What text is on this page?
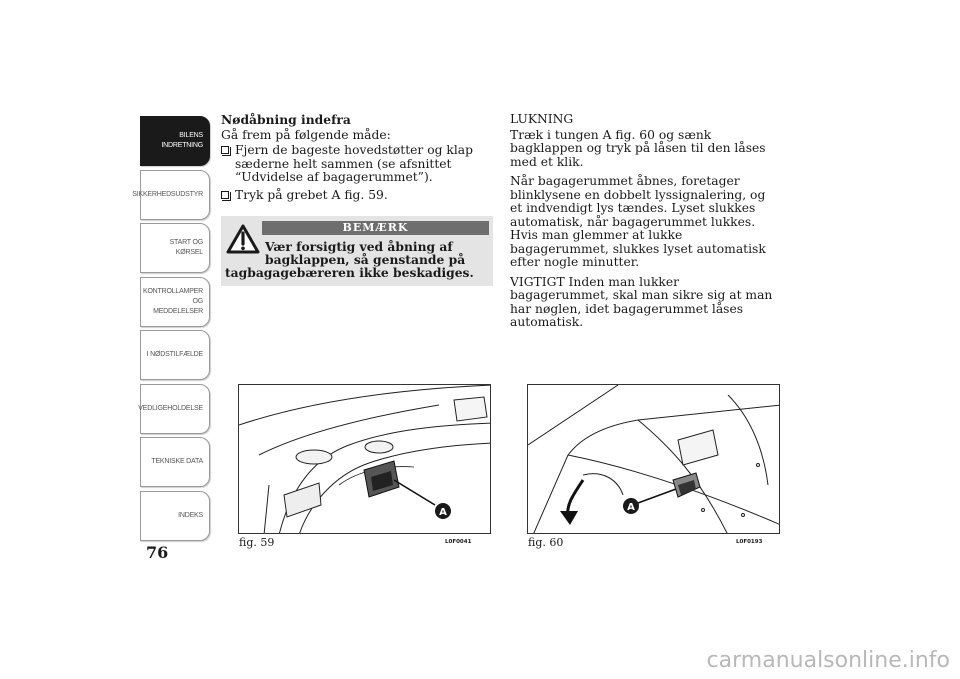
BILENS
INDRETNING
SIKKERHEDSUDSTYR
START OG KØRSEL
KONTROLLAMPER
OG MEDDELELSER
I NØDSTILFÆLDE
VEDLIGEHOLDELSE
TEKNISKE DATA
INDEKS
76

Nødåbning indefra

Gå frem på følgende måde:

Fjern de bageste hovedstøtter og klap sæderne helt sammen (se afsnittet “Udvidelse af bagagerummet”).
Tryk på grebet A fig. 59.
BEMÆRK
Vær forsigtig ved åbning af
bagklappen, så genstande på
tagbagagebæreren ikke beskadiges.

LUKNING

Træk i tungen A fig. 60 og sænk bagklappen og tryk på låsen til den låses med et klik.

Når bagagerummet åbnes, foretager blinklysene en dobbelt lyssignalering, og et indvendigt lys tændes. Lyset slukkes automatisk, når bagagerummet lukkes. Hvis man glemmer at lukke bagagerummet, slukkes lyset automatisk efter nogle minutter.

VIGTIGT Inden man lukker bagagerummet, skal man sikre sig at man har nøglen, idet bagagerummet låses automatisk.

A
fig. 59	L0F0041
A
fig. 60	L0F0193
carmanualsonline.info
